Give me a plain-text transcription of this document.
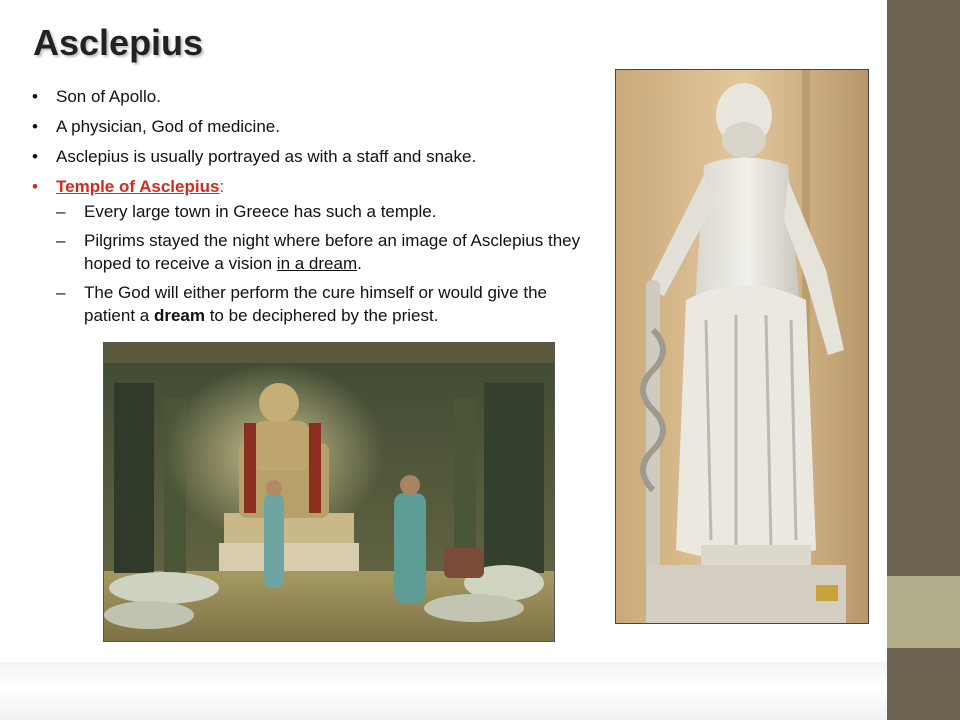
Asclepius
• Son of Apollo.
• A physician, God of medicine.
• Asclepius is usually portrayed as with a staff and snake.
• Temple of Asclepius:
– Every large town in Greece has such a temple.
– Pilgrims stayed the night where before an image of Asclepius they hoped to receive a vision in a dream.
– The God will either perform the cure himself or would give the patient a dream to be deciphered by the priest.
